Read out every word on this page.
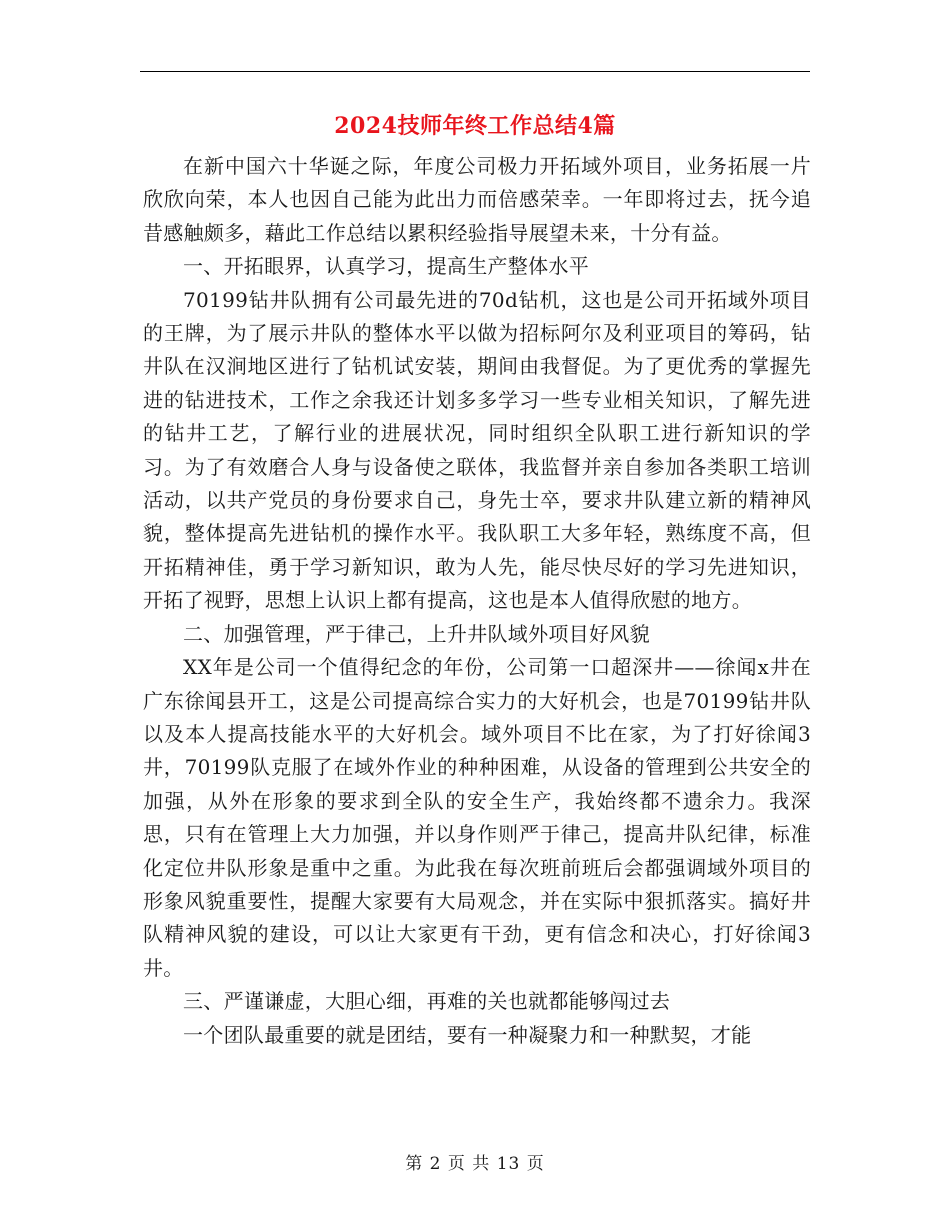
2024技师年终工作总结4篇

在新中国六十华诞之际，年度公司极力开拓域外项目，业务拓展一片欣欣向荣，本人也因自己能为此出力而倍感荣幸。一年即将过去，抚今追昔感触颇多，藉此工作总结以累积经验指导展望未来，十分有益。

一、开拓眼界，认真学习，提高生产整体水平

70199钻井队拥有公司最先进的70d钻机，这也是公司开拓域外项目的王牌，为了展示井队的整体水平以做为招标阿尔及利亚项目的筹码，钻井队在汉涧地区进行了钻机试安装，期间由我督促。为了更优秀的掌握先进的钻进技术，工作之余我还计划多多学习一些专业相关知识，了解先进的钻井工艺，了解行业的进展状况，同时组织全队职工进行新知识的学习。为了有效磨合人身与设备使之联体，我监督并亲自参加各类职工培训活动，以共产党员的身份要求自己，身先士卒，要求井队建立新的精神风貌，整体提高先进钻机的操作水平。我队职工大多年轻，熟练度不高，但开拓精神佳，勇于学习新知识，敢为人先，能尽快尽好的学习先进知识，开拓了视野，思想上认识上都有提高，这也是本人值得欣慰的地方。

二、加强管理，严于律己，上升井队域外项目好风貌

XX年是公司一个值得纪念的年份，公司第一口超深井——徐闻x井在广东徐闻县开工，这是公司提高综合实力的大好机会，也是70199钻井队以及本人提高技能水平的大好机会。域外项目不比在家，为了打好徐闻3井，70199队克服了在域外作业的种种困难，从设备的管理到公共安全的加强，从外在形象的要求到全队的安全生产，我始终都不遗余力。我深思，只有在管理上大力加强，并以身作则严于律己，提高井队纪律，标准化定位井队形象是重中之重。为此我在每次班前班后会都强调域外项目的形象风貌重要性，提醒大家要有大局观念，并在实际中狠抓落实。搞好井队精神风貌的建设，可以让大家更有干劲，更有信念和决心，打好徐闻3井。

三、严谨谦虚，大胆心细，再难的关也就都能够闯过去

一个团队最重要的就是团结，要有一种凝聚力和一种默契，才能

第 2 页 共 13 页
